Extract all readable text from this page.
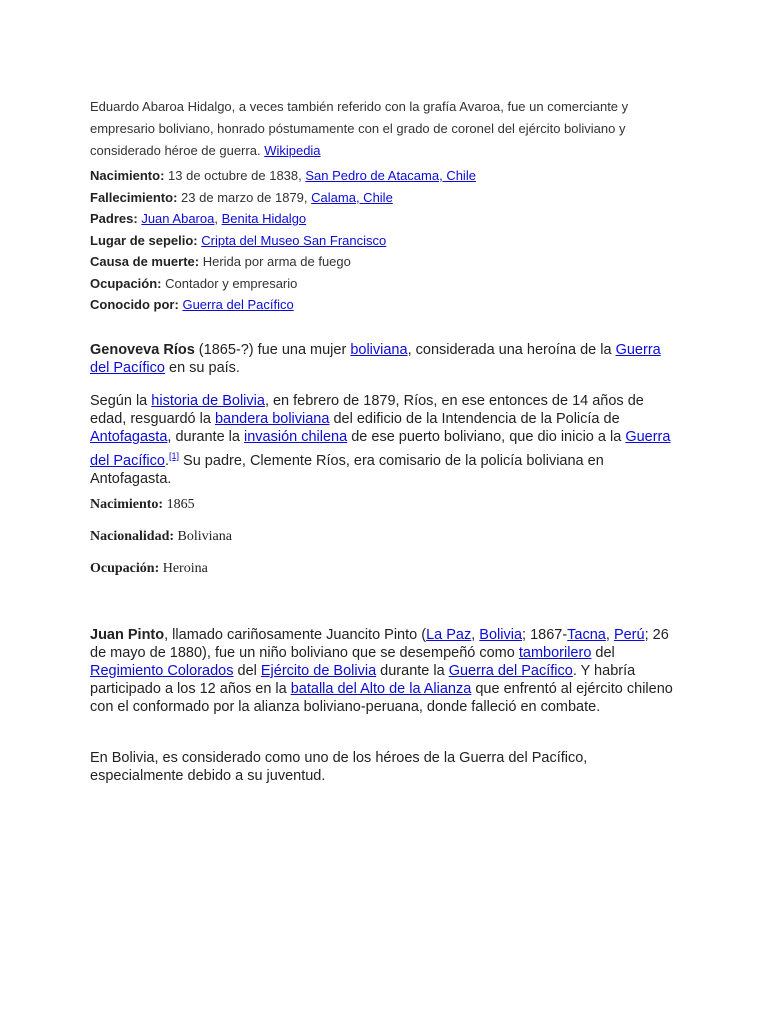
Eduardo Abaroa Hidalgo, a veces también referido con la grafía Avaroa, fue un comerciante y empresario boliviano, honrado póstumamente con el grado de coronel del ejército boliviano y considerado héroe de guerra. Wikipedia
Nacimiento: 13 de octubre de 1838, San Pedro de Atacama, Chile
Fallecimiento: 23 de marzo de 1879, Calama, Chile
Padres: Juan Abaroa, Benita Hidalgo
Lugar de sepelio: Cripta del Museo San Francisco
Causa de muerte: Herida por arma de fuego
Ocupación: Contador y empresario
Conocido por: Guerra del Pacífico
Genoveva Ríos (1865-?) fue una mujer boliviana, considerada una heroína de la Guerra del Pacífico en su país.
Según la historia de Bolivia, en febrero de 1879, Ríos, en ese entonces de 14 años de edad, resguardó la bandera boliviana del edificio de la Intendencia de la Policía de Antofagasta, durante la invasión chilena de ese puerto boliviano, que dio inicio a la Guerra del Pacífico.[1] Su padre, Clemente Ríos, era comisario de la policía boliviana en Antofagasta.
Nacimiento: 1865
Nacionalidad: Boliviana
Ocupación: Heroina
Juan Pinto, llamado cariñosamente Juancito Pinto (La Paz, Bolivia; 1867-Tacna, Perú; 26 de mayo de 1880), fue un niño boliviano que se desempeñó como tamborilero del Regimiento Colorados del Ejército de Bolivia durante la Guerra del Pacífico. Y habría participado a los 12 años en la batalla del Alto de la Alianza que enfrentó al ejército chileno con el conformado por la alianza boliviano-peruana, donde falleció en combate.
En Bolivia, es considerado como uno de los héroes de la Guerra del Pacífico, especialmente debido a su juventud.
